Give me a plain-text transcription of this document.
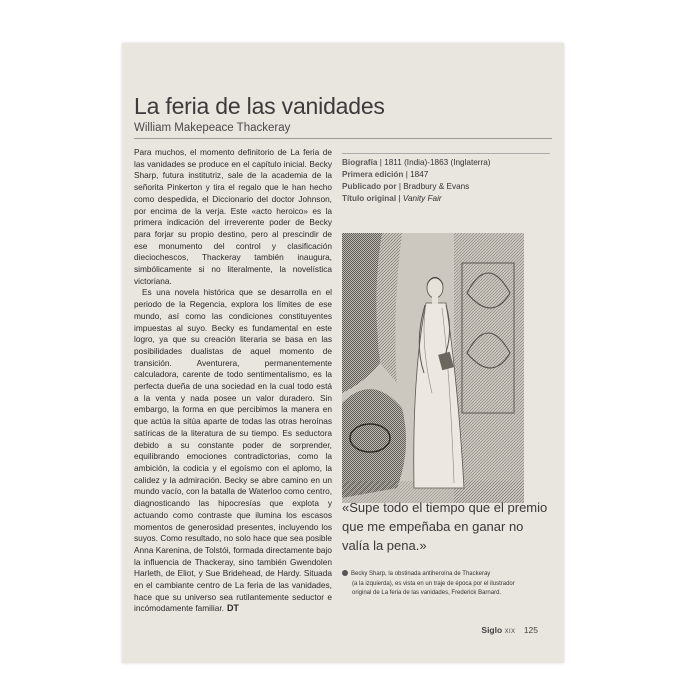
La feria de las vanidades
William Makepeace Thackeray

Para muchos, el momento definitorio de La feria de las vanidades se produce en el capítulo inicial. Becky Sharp, futura institutriz, sale de la academia de la señorita Pinkerton y tira el regalo que le han hecho como despedida, el Diccionario del doctor Johnson, por encima de la verja. Este «acto heroico» es la primera indicación del irreverente poder de Becky para forjar su propio destino, pero al prescindir de ese monumento del control y clasificación dieciochescos, Thackeray también inaugura, simbólicamente si no literalmente, la novelística victoriana.

Es una novela histórica que se desarrolla en el periodo de la Regencia, explora los límites de ese mundo, así como las condiciones constituyentes impuestas al suyo. Becky es fundamental en este logro, ya que su creación literaria se basa en las posibilidades dualistas de aquel momento de transición. Aventurera, permanentemente calculadora, carente de todo sentimentalismo, es la perfecta dueña de una sociedad en la cual todo está a la venta y nada posee un valor duradero. Sin embargo, la forma en que percibimos la manera en que actúa la sitúa aparte de todas las otras heroínas satíricas de la literatura de su tiempo. Es seductora debido a su constante poder de sorprender, equilibrando emociones contradictorias, como la ambición, la codicia y el egoísmo con el aplomo, la calidez y la admiración. Becky se abre camino en un mundo vacío, con la batalla de Waterloo como centro, diagnosticando las hipocresías que explota y actuando como contraste que ilumina los escasos momentos de generosidad presentes, incluyendo los suyos. Como resultado, no solo hace que sea posible Anna Karenina, de Tolstói, formada directamente bajo la influencia de Thackeray, sino también Gwendolen Harleth, de Eliot, y Sue Bridehead, de Hardy. Situada en el cambiante centro de La feria de las vanidades, hace que su universo sea rutilantemente seductor e incómodamente familiar. DT

Biografía | 1811 (India)-1863 (Inglaterra)
Primera edición | 1847
Publicado por | Bradbury & Evans
Título original | Vanity Fair
«Supe todo el tiempo que el premio que me empeñaba en ganar no valía la pena.»
Becky Sharp, la obstinada antiheroína de Thackeray
(a la izquierda), es vista en un traje de época por el ilustrador
original de La feria de las vanidades, Frederick Barnard.
Siglo XIX 125
